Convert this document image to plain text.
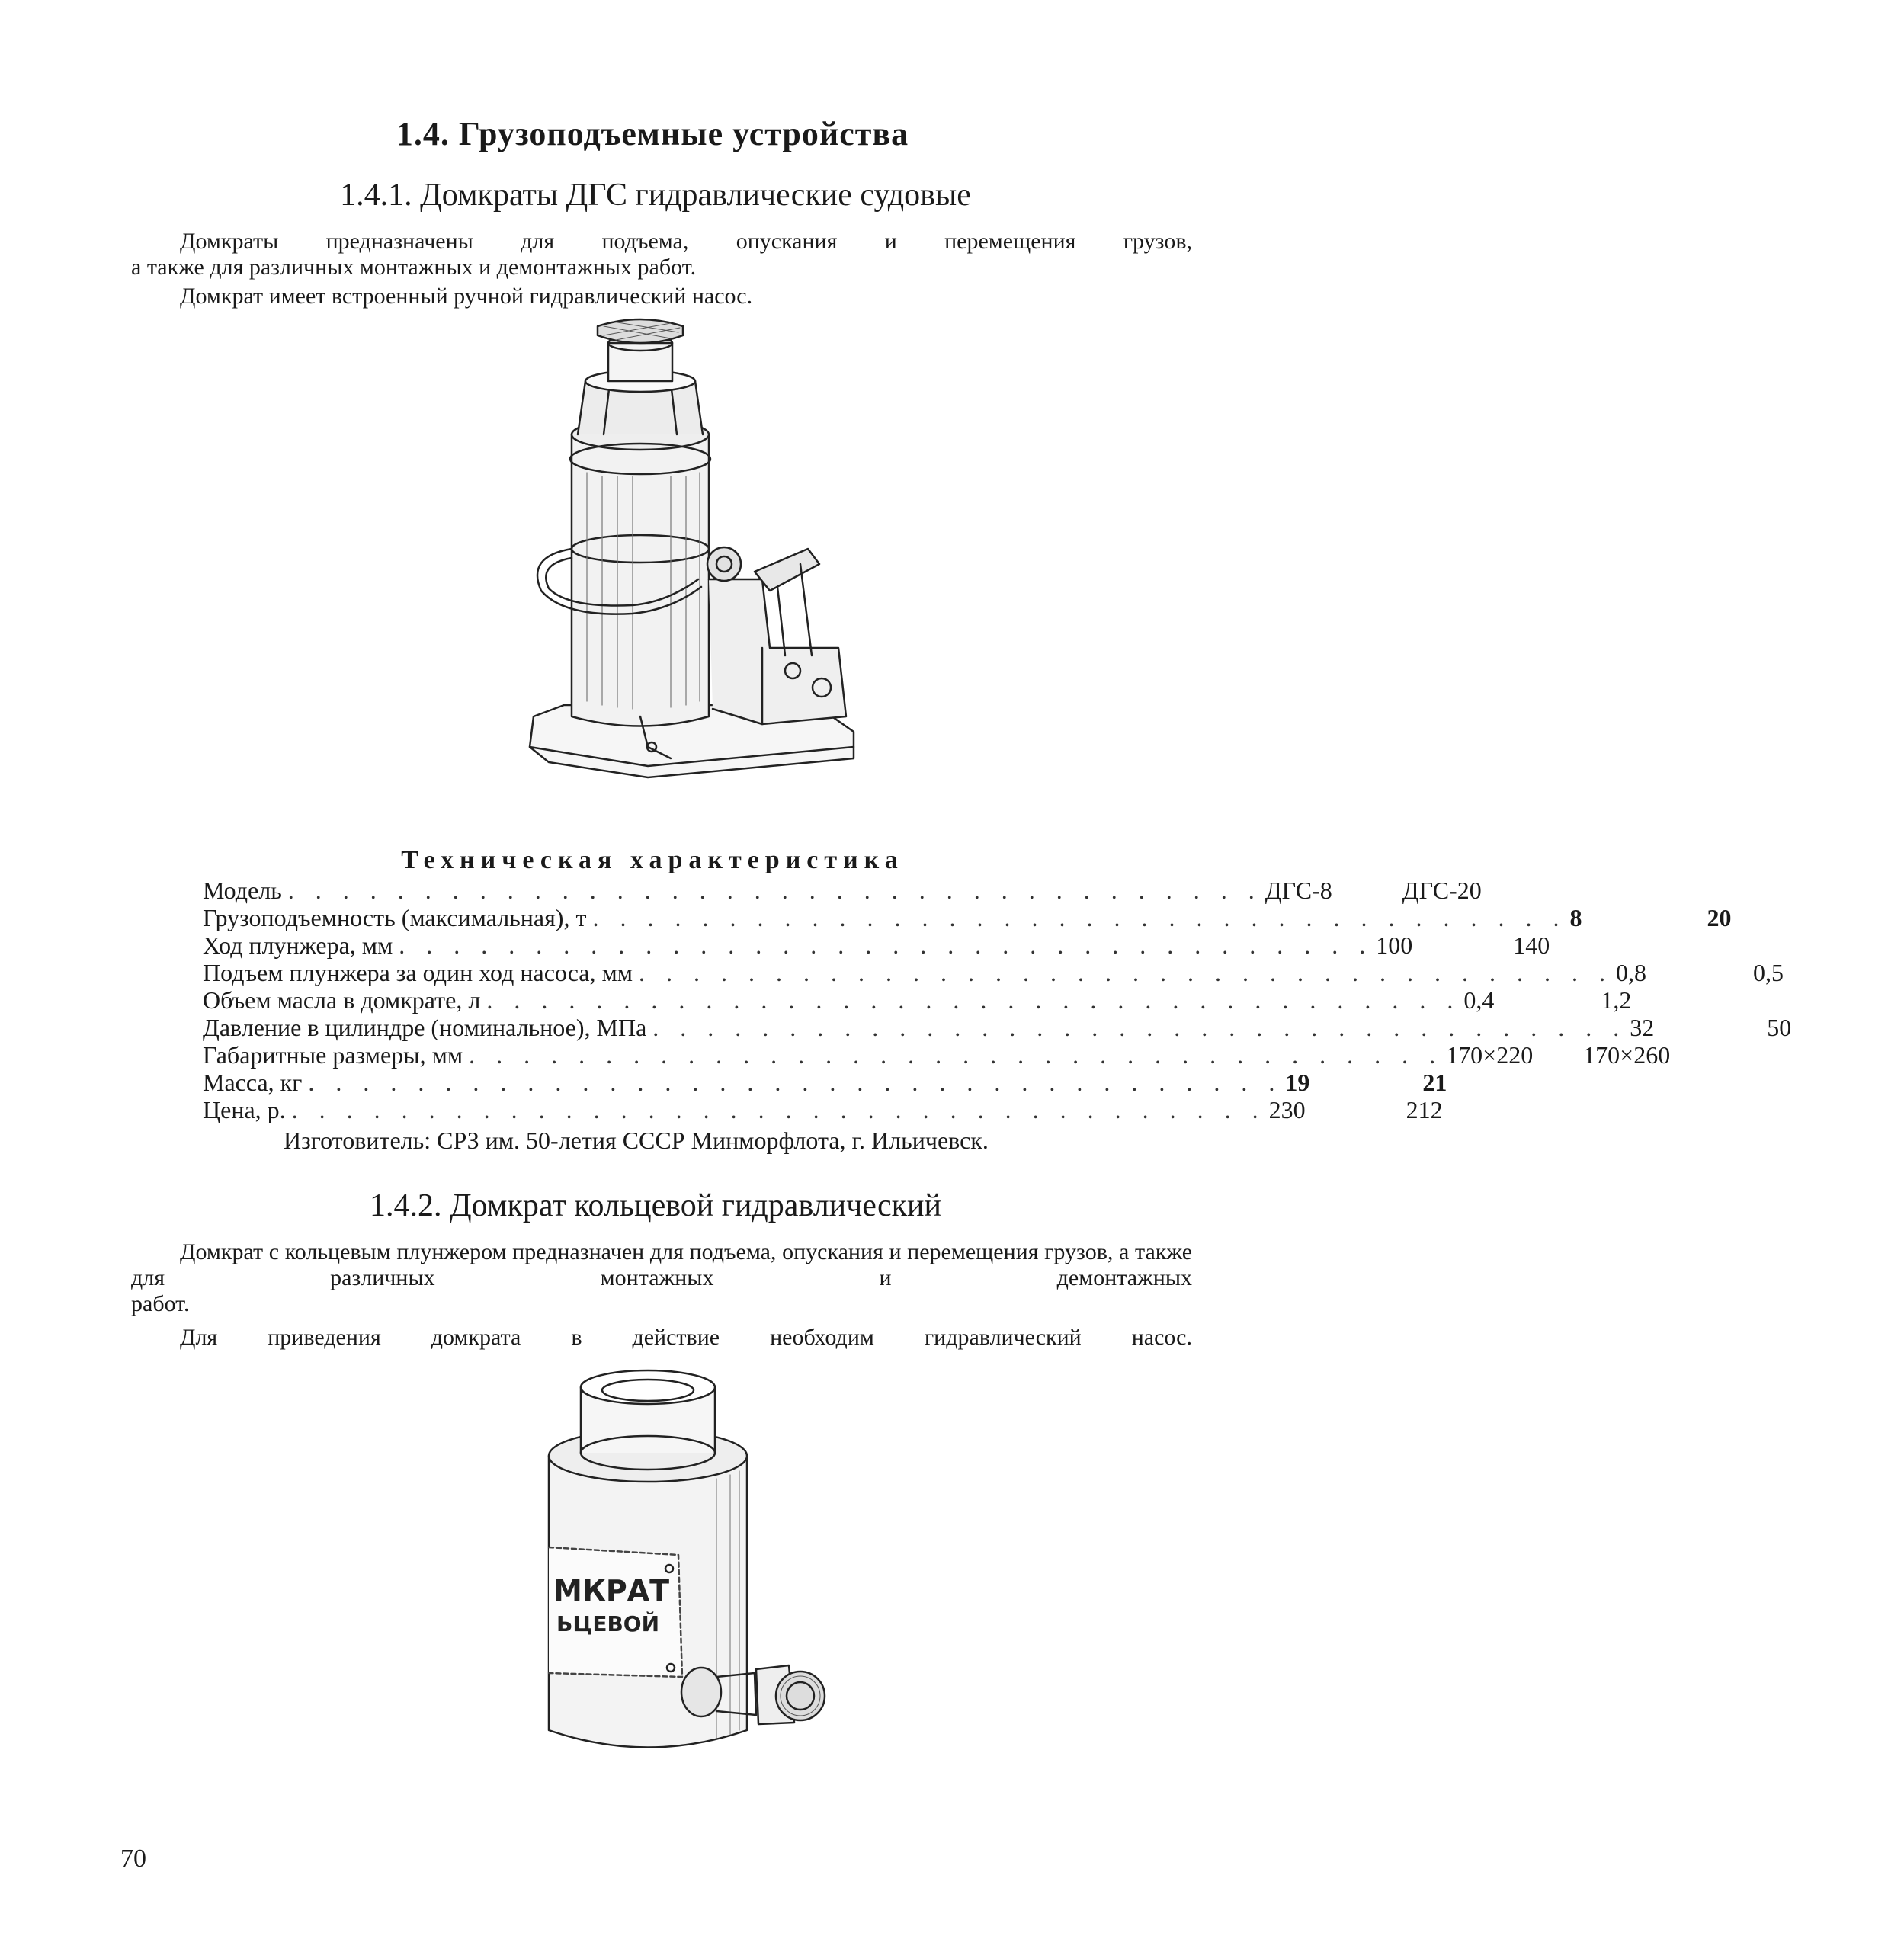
1.4. Грузоподъемные устройства
1.4.1. Домкраты ДГС гидравлические судовые
Домкраты предназначены для подъема, опускания и перемещения грузов,
а также для различных монтажных и демонтажных работ.
Домкрат имеет встроенный ручной гидравлический насос.
Техническая характеристика
Модель . . . . . . . . . . . . . . . . . . . . . . . . . . . . . . . . . . . . ДГС-8	ДГС-20
Грузоподъемность (максимальная), т . . . . . . . . . . . . . . . . . . . . . . . . . . . . . . . . . . . . 8	20
Ход плунжера, мм . . . . . . . . . . . . . . . . . . . . . . . . . . . . . . . . . . . . 100	140
Подъем плунжера за один ход насоса, мм . . . . . . . . . . . . . . . . . . . . . . . . . . . . . . . . . . . . 0,8	0,5
Объем масла в домкрате, л . . . . . . . . . . . . . . . . . . . . . . . . . . . . . . . . . . . . 0,4	1,2
Давление в цилиндре (номинальное), МПа . . . . . . . . . . . . . . . . . . . . . . . . . . . . . . . . . . . . 32	50
Габаритные размеры, мм . . . . . . . . . . . . . . . . . . . . . . . . . . . . . . . . . . . . 170×220	170×260
Масса, кг . . . . . . . . . . . . . . . . . . . . . . . . . . . . . . . . . . . . 19	21
Цена, р. . . . . . . . . . . . . . . . . . . . . . . . . . . . . . . . . . . . . 230	212
Изготовитель: СРЗ им. 50-летия СССР Минморфлота, г. Ильичевск.
1.4.2. Домкрат кольцевой гидравлический
Домкрат с кольцевым плунжером предназначен для подъема, опускания и перемещения грузов, а также для различных монтажных и демонтажных
работ.
Для приведения домкрата в действие необходим гидравлический насос.
МКРАТ
ЬЦЕВОЙ
70
